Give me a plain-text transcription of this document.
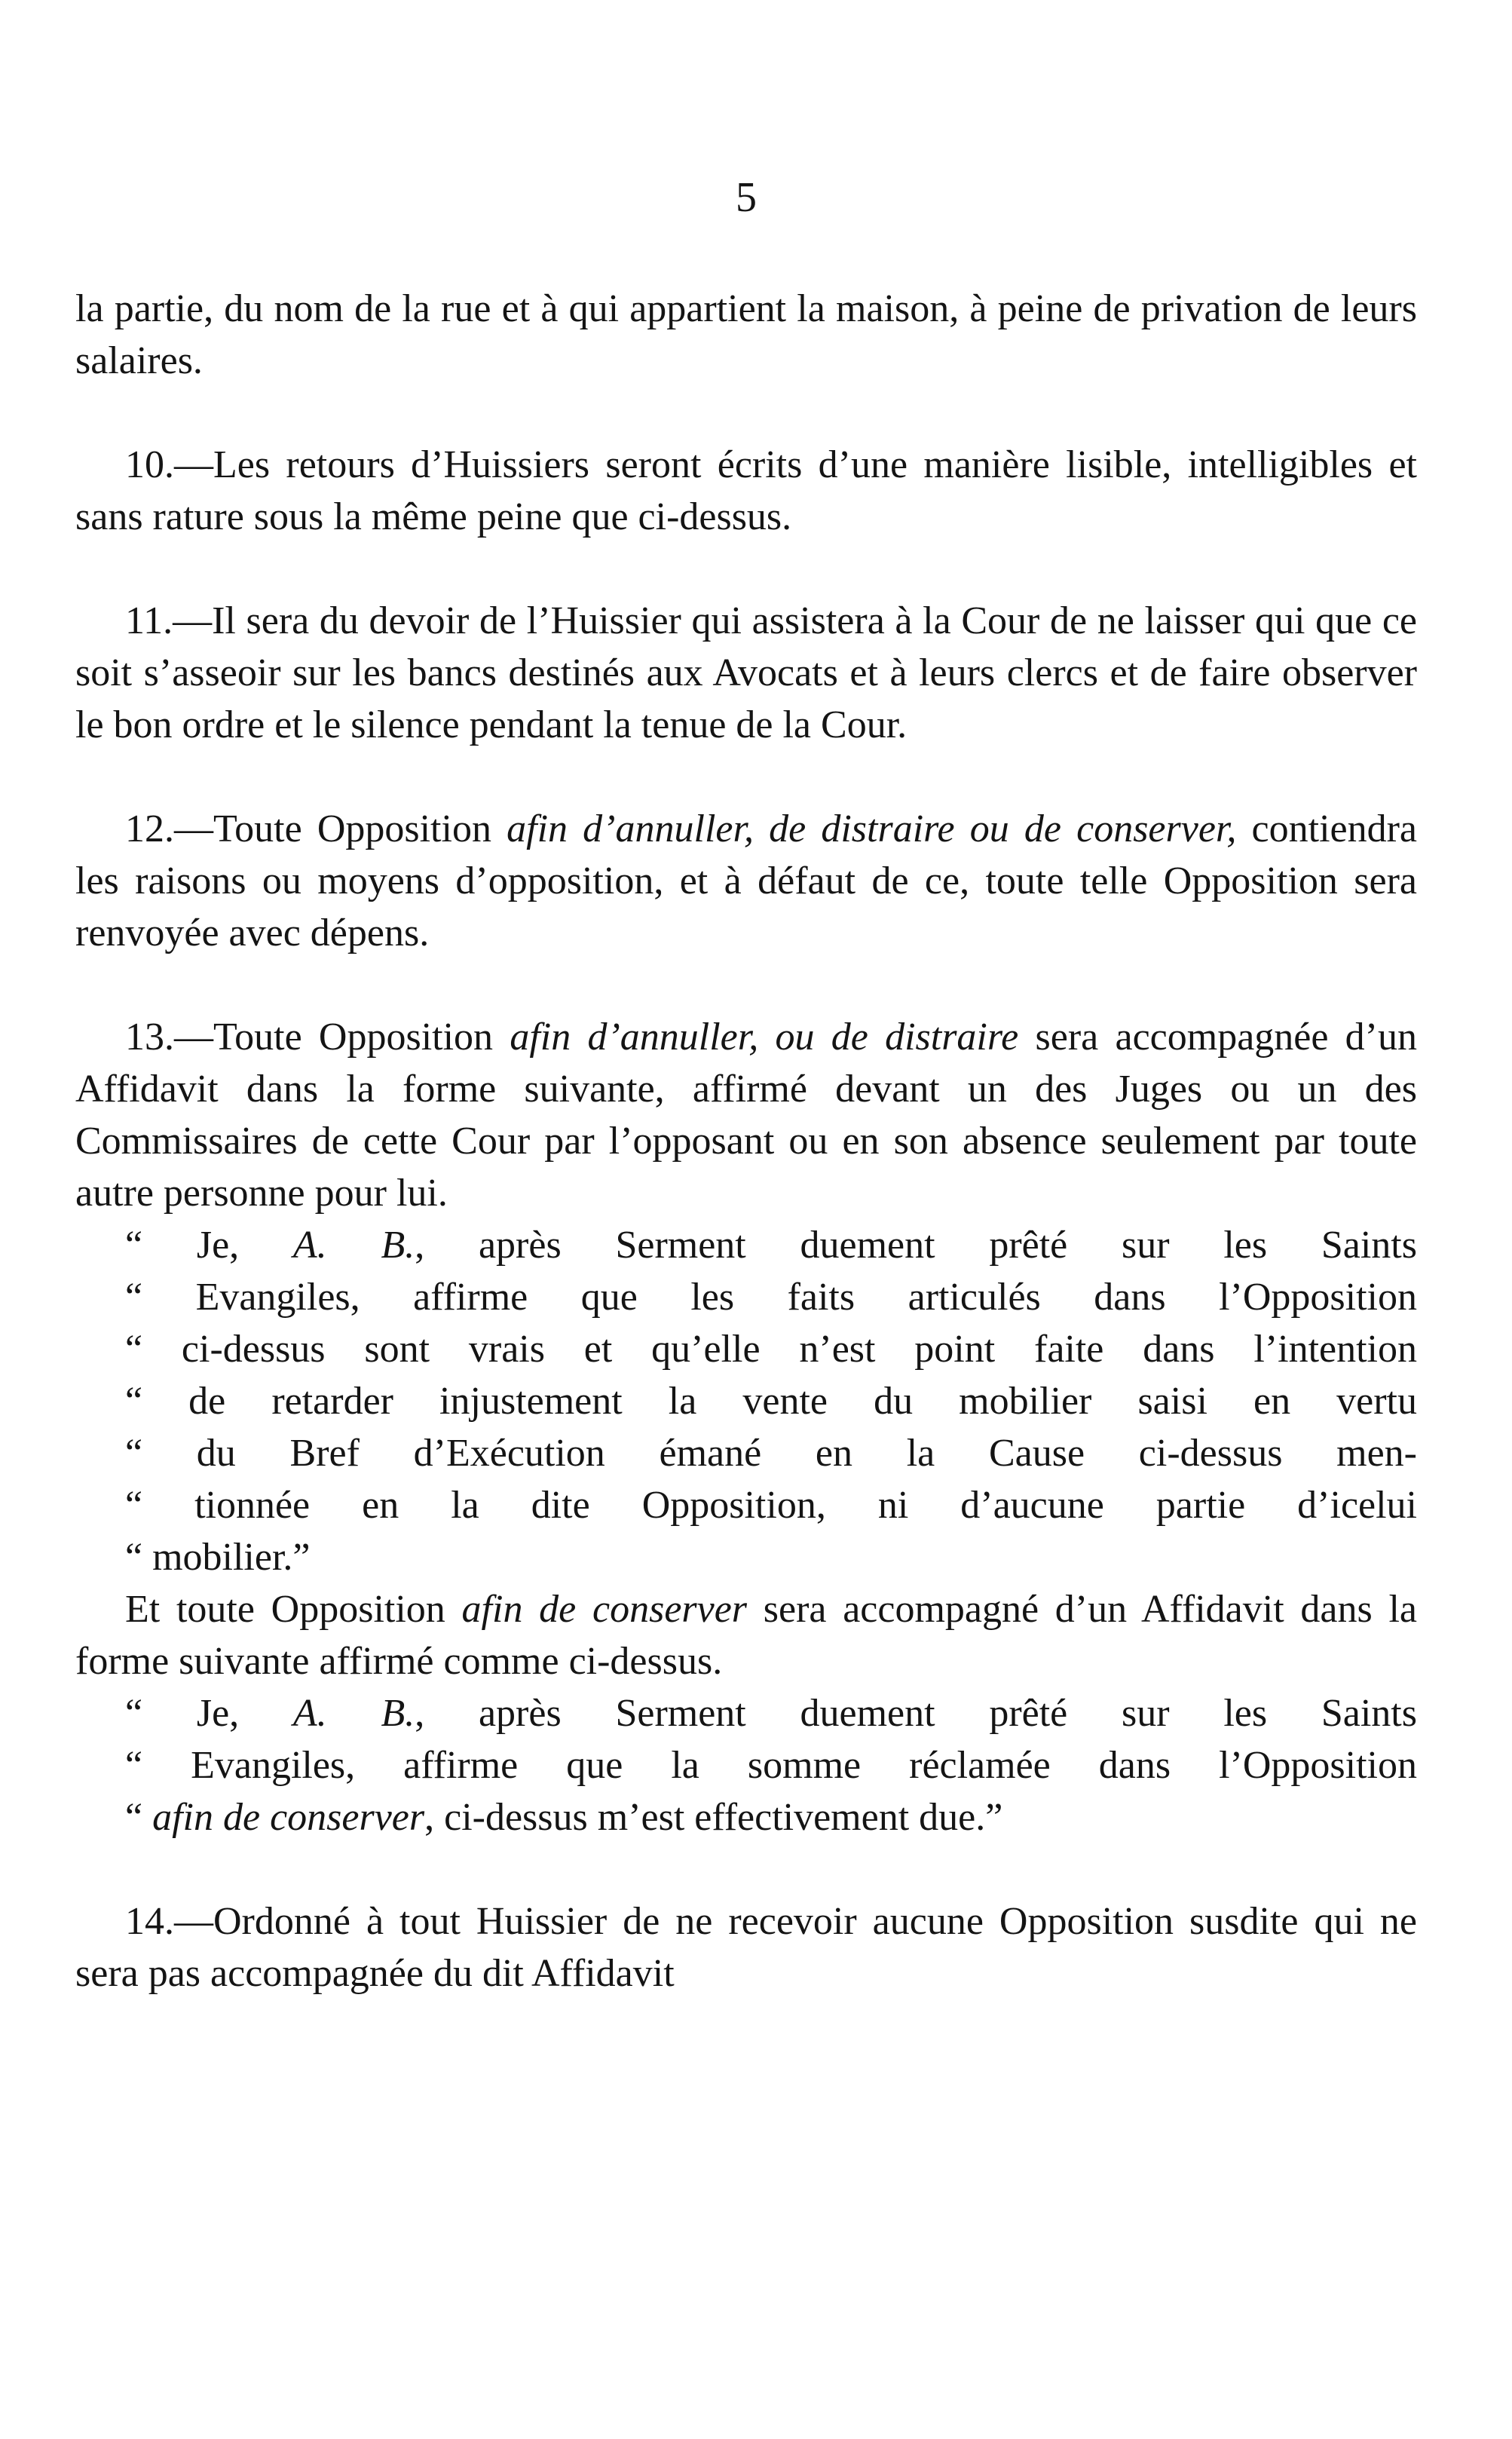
5

la partie, du nom de la rue et à qui appartient la maison, à peine de privation de leurs salaires.

10.—Les retours d’Huissiers seront écrits d’une manière lisible, intelligibles et sans rature sous la même peine que ci-dessus.

11.—Il sera du devoir de l’Huissier qui assistera à la Cour de ne laisser qui que ce soit s’asseoir sur les bancs destinés aux Avocats et à leurs clercs et de faire observer le bon ordre et le silence pendant la tenue de la Cour.

12.—Toute Opposition afin d’annuller, de distraire ou de conserver, contiendra les raisons ou moyens d’opposition, et à défaut de ce, toute telle Opposition sera renvoyée avec dépens.

13.—Toute Opposition afin d’annuller, ou de distraire sera accompagnée d’un Affidavit dans la forme suivante, affirmé devant un des Juges ou un des Commissaires de cette Cour par l’opposant ou en son absence seulement par toute autre personne pour lui.

“ Je, A. B., après Serment duement prêté sur les Saints
“ Evangiles, affirme que les faits articulés dans l’Opposition
“ ci-dessus sont vrais et qu’elle n’est point faite dans l’intention
“ de retarder injustement la vente du mobilier saisi en vertu
“ du Bref d’Exécution émané en la Cause ci-dessus men-
“ tionnée en la dite Opposition, ni d’aucune partie d’icelui
“ mobilier.”

Et toute Opposition afin de conserver sera accompagné d’un Affidavit dans la forme suivante affirmé comme ci-dessus.

“ Je, A. B., après Serment duement prêté sur les Saints
“ Evangiles, affirme que la somme réclamée dans l’Opposition
“ afin de conserver, ci-dessus m’est effectivement due.”

14.—Ordonné à tout Huissier de ne recevoir aucune Opposition susdite qui ne sera pas accompagnée du dit Affidavit
